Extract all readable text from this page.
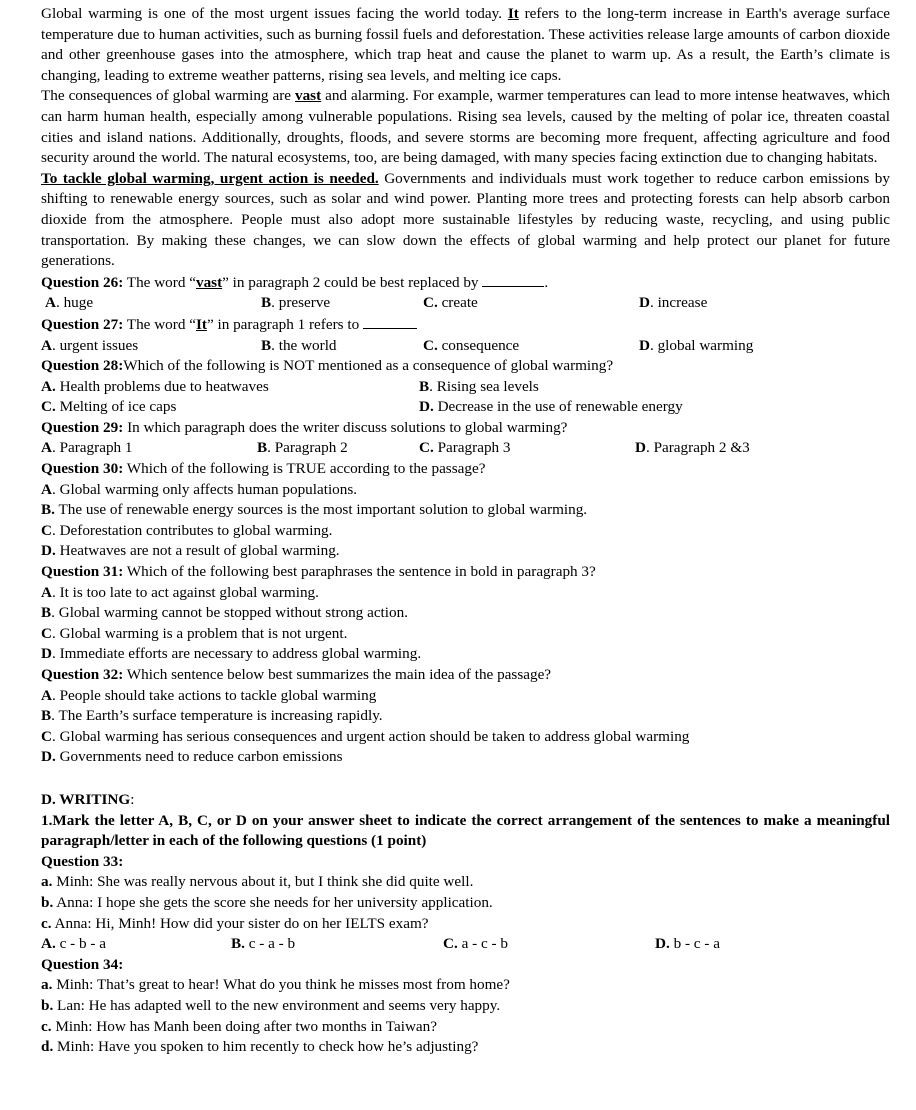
Global warming is one of the most urgent issues facing the world today. It refers to the long-term increase in Earth's average surface temperature due to human activities, such as burning fossil fuels and deforestation. These activities release large amounts of carbon dioxide and other greenhouse gases into the atmosphere, which trap heat and cause the planet to warm up. As a result, the Earth’s climate is changing, leading to extreme weather patterns, rising sea levels, and melting ice caps.

The consequences of global warming are vast and alarming. For example, warmer temperatures can lead to more intense heatwaves, which can harm human health, especially among vulnerable populations. Rising sea levels, caused by the melting of polar ice, threaten coastal cities and island nations. Additionally, droughts, floods, and severe storms are becoming more frequent, affecting agriculture and food security around the world. The natural ecosystems, too, are being damaged, with many species facing extinction due to changing habitats.

To tackle global warming, urgent action is needed. Governments and individuals must work together to reduce carbon emissions by shifting to renewable energy sources, such as solar and wind power. Planting more trees and protecting forests can help absorb carbon dioxide from the atmosphere. People must also adopt more sustainable lifestyles by reducing waste, recycling, and using public transportation. By making these changes, we can slow down the effects of global warming and help protect our planet for future generations.

Question 26: The word “vast” in paragraph 2 could be best replaced by	.

A. huge	B. preserve	C. create	D. increase

Question 27: The word “It” in paragraph 1 refers to

A. urgent issues	B. the world	C. consequence	D. global warming

Question 28:Which of the following is NOT mentioned as a consequence of global warming?

A. Health problems due to heatwaves	B. Rising sea levels
C. Melting of ice caps	D. Decrease in the use of renewable energy

Question 29: In which paragraph does the writer discuss solutions to global warming?

A. Paragraph 1	B. Paragraph 2	C. Paragraph 3	D. Paragraph 2 &3

Question 30: Which of the following is TRUE according to the passage?

A. Global warming only affects human populations.

B. The use of renewable energy sources is the most important solution to global warming.

C. Deforestation contributes to global warming.

D. Heatwaves are not a result of global warming.

Question 31: Which of the following best paraphrases the sentence in bold in paragraph 3?

A. It is too late to act against global warming.

B. Global warming cannot be stopped without strong action.

C. Global warming is a problem that is not urgent.

D. Immediate efforts are necessary to address global warming.

Question 32: Which sentence below best summarizes the main idea of the passage?

A. People should take actions to tackle global warming

B. The Earth’s surface temperature is increasing rapidly.

C. Global warming has serious consequences and urgent action should be taken to address global warming

D. Governments need to reduce carbon emissions

D. WRITING:

1.Mark the letter A, B, C, or D on your answer sheet to indicate the correct arrangement of the sentences to make a meaningful paragraph/letter in each of the following questions (1 point)

Question 33:

a. Minh: She was really nervous about it, but I think she did quite well.

b. Anna: I hope she gets the score she needs for her university application.

c. Anna: Hi, Minh! How did your sister do on her IELTS exam?

A. c - b - a	B. c - a - b	C. a - c - b	D. b - c - a

Question 34:

a. Minh: That’s great to hear! What do you think he misses most from home?

b. Lan: He has adapted well to the new environment and seems very happy.

c. Minh: How has Manh been doing after two months in Taiwan?

d. Minh: Have you spoken to him recently to check how he’s adjusting?
